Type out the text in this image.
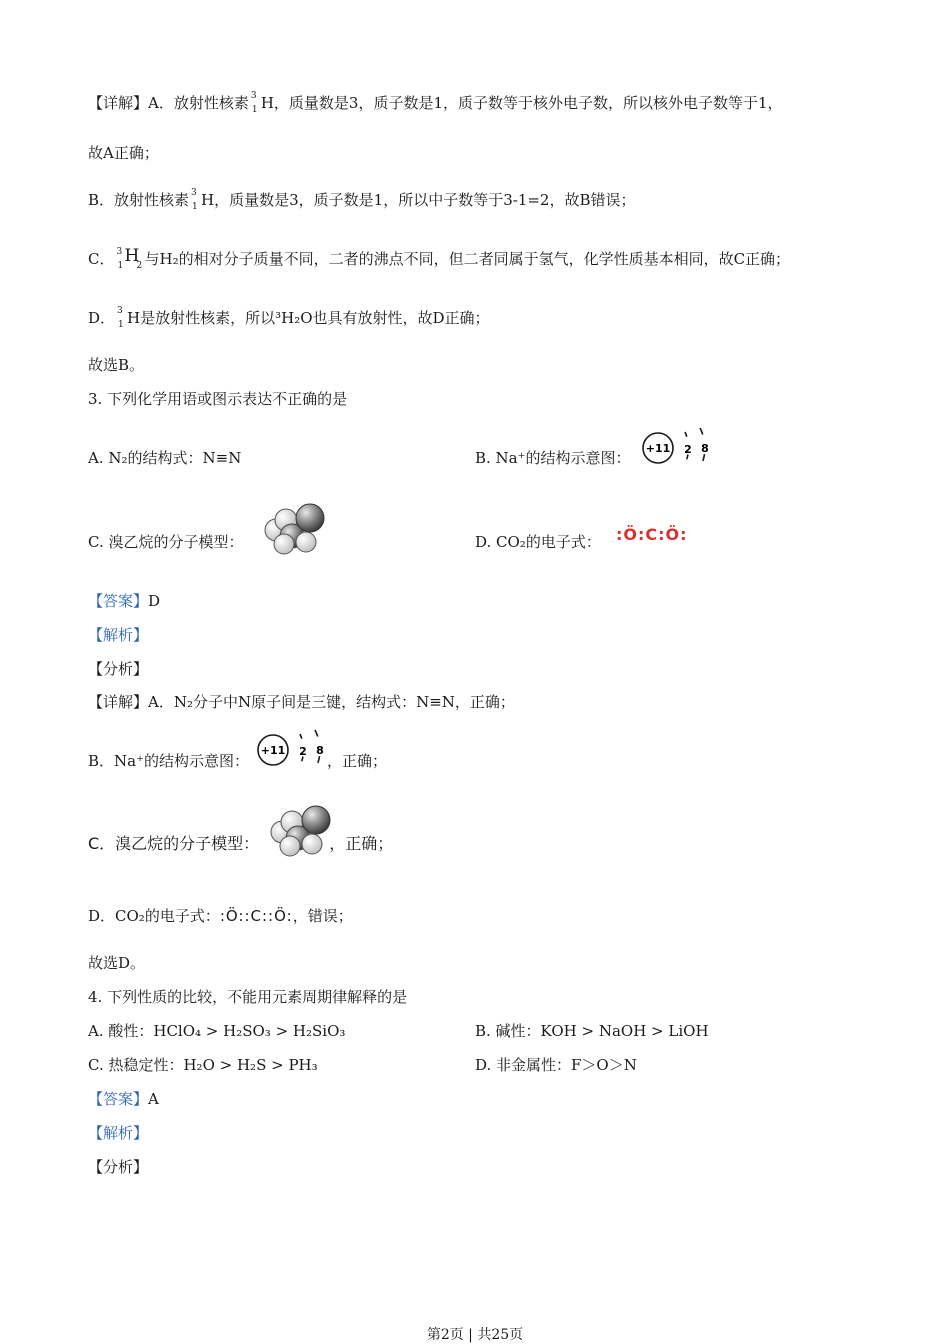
【详解】A．放射性核素 3
1 H，质量数是3，质子数是1，质子数等于核外电子数，所以核外电子数等于1，
故A正确；
B．放射性核素 3
1 H，质量数是3，质子数是1，所以中子数等于3-1=2，故B错误；
C． 3
1 H
2 与H₂的相对分子质量不同，二者的沸点不同，但二者同属于氢气，化学性质基本相同，故C正确；
D． 3
1 H是放射性核素，所以³H₂O也具有放射性，故D正确；
故选B。
3. 下列化学用语或图示表达不正确的是
A. N₂的结构式：N≡N	B. Na⁺的结构示意图：
+11 2 8
C. 溴乙烷的分子模型：	D. CO₂的电子式： :Ö:C:Ö:
【答案】D
【解析】
【分析】
【详解】A．N₂分子中N原子间是三键，结构式：N≡N，正确；
B．Na⁺的结构示意图：	，正确；
+11 2 8
C．溴乙烷的分子模型：	，正确；
D．CO₂的电子式：:Ö::C::Ö:，错误；
故选D。
4. 下列性质的比较，不能用元素周期律解释的是
A. 酸性：HClO₄ > H₂SO₃ > H₂SiO₃	B. 碱性：KOH > NaOH > LiOH
C. 热稳定性：H₂O > H₂S > PH₃	D. 非金属性：F＞O＞N
【答案】A
【解析】
【分析】
第2页 | 共25页
